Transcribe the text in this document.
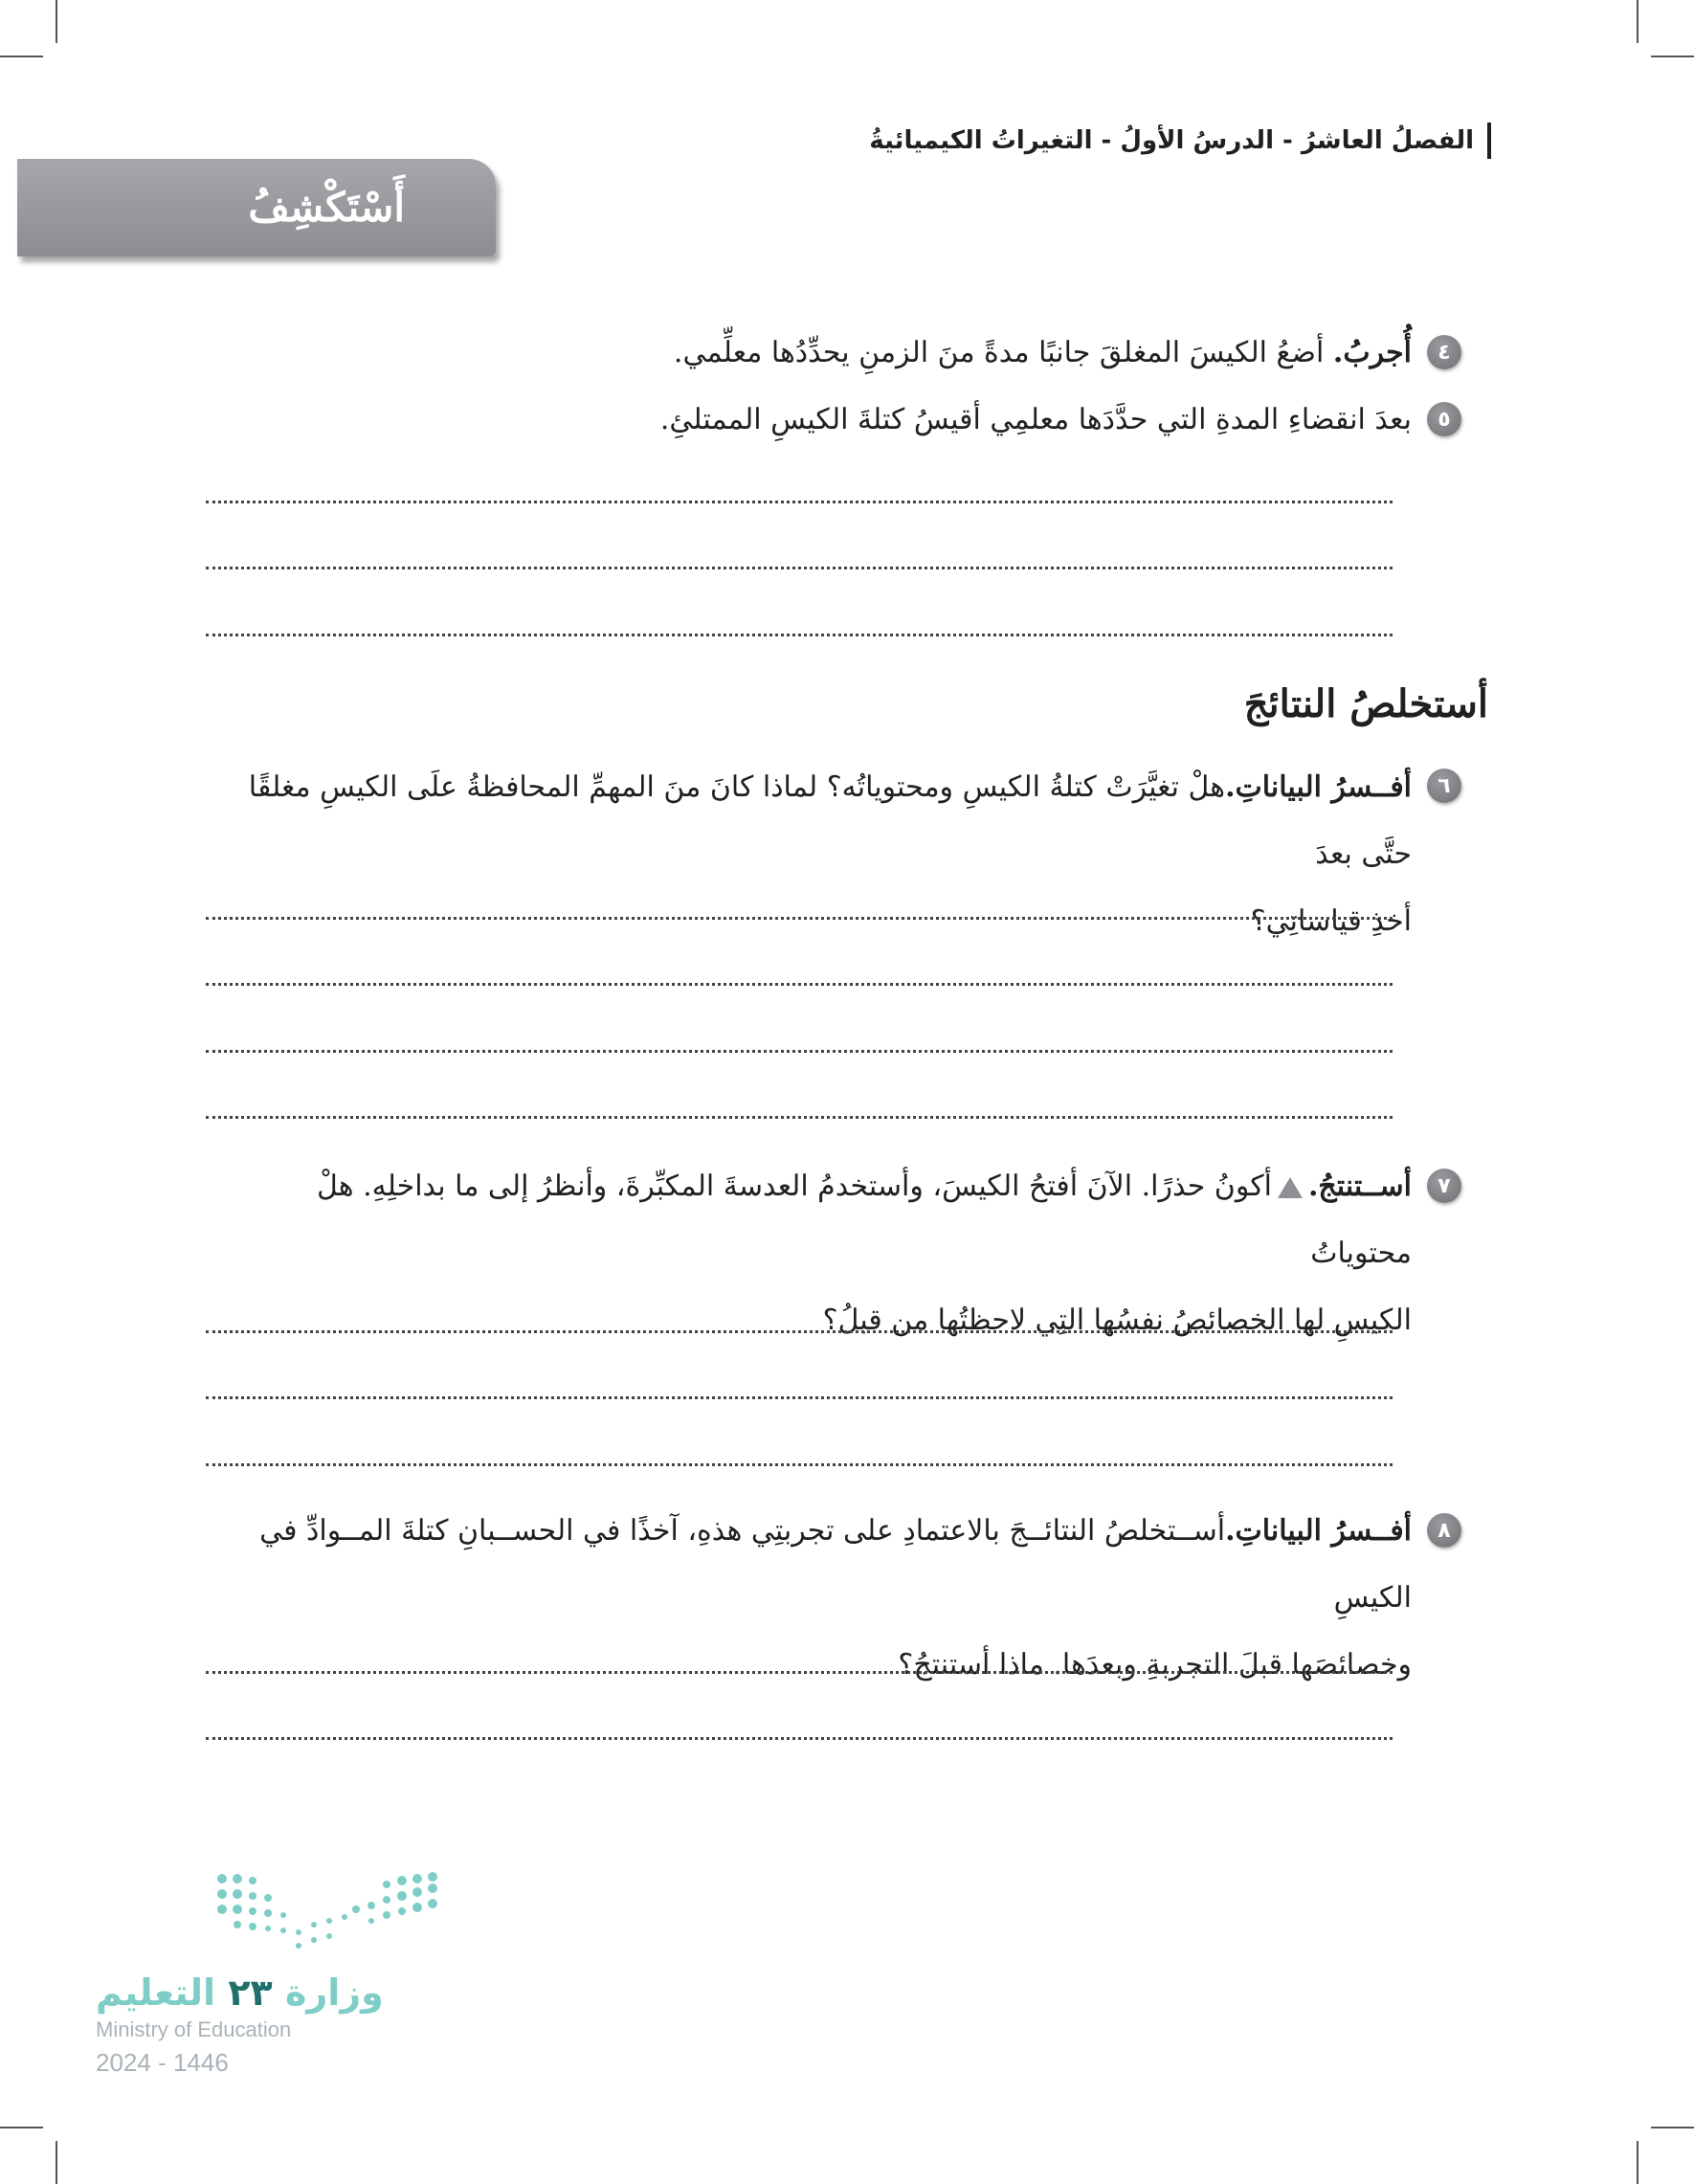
الفصلُ العاشرُ - الدرسُ الأولُ - التغيراتُ الكيميائيةُ
أَسْتَكْشِفُ
٤
أُجربُ. أضعُ الكيسَ المغلقَ جانبًا مدةً منَ الزمنِ يحدِّدُها معلِّمي.
٥
بعدَ انقضاءِ المدةِ التي حدَّدَها معلمِي أقيسُ كتلةَ الكيسِ الممتلئِ.
أستخلصُ النتائجَ
٦
أفــسرُ البياناتِ.هلْ تغيَّرَتْ كتلةُ الكيسِ ومحتوياتُه؟ لماذا كانَ منَ المهمِّ المحافظةُ علَى الكيسِ مغلقًا حتَّى بعدَ
أخذِ قياساتِي؟
٧
أســتنتجُ.أكونُ حذرًا. الآنَ أفتحُ الكيسَ، وأستخدمُ العدسةَ المكبِّرةَ، وأنظرُ إلى ما بداخلِهِ. هلْ محتوياتُ
الكيسِ لها الخصائصُ نفسُها التِي لاحظتُها من قبلُ؟
٨
أفــسرُ البياناتِ.أســتخلصُ النتائــجَ بالاعتمادِ على تجربتِي هذهِ، آخذًا في الحســبانِ كتلةَ المــوادِّ في الكيسِ
وخصائصَها قبلَ التجربةِ وبعدَها. ماذا أستنتجُ؟
وزارة ٢٣ التعليم
Ministry of Education
2024 - 1446
